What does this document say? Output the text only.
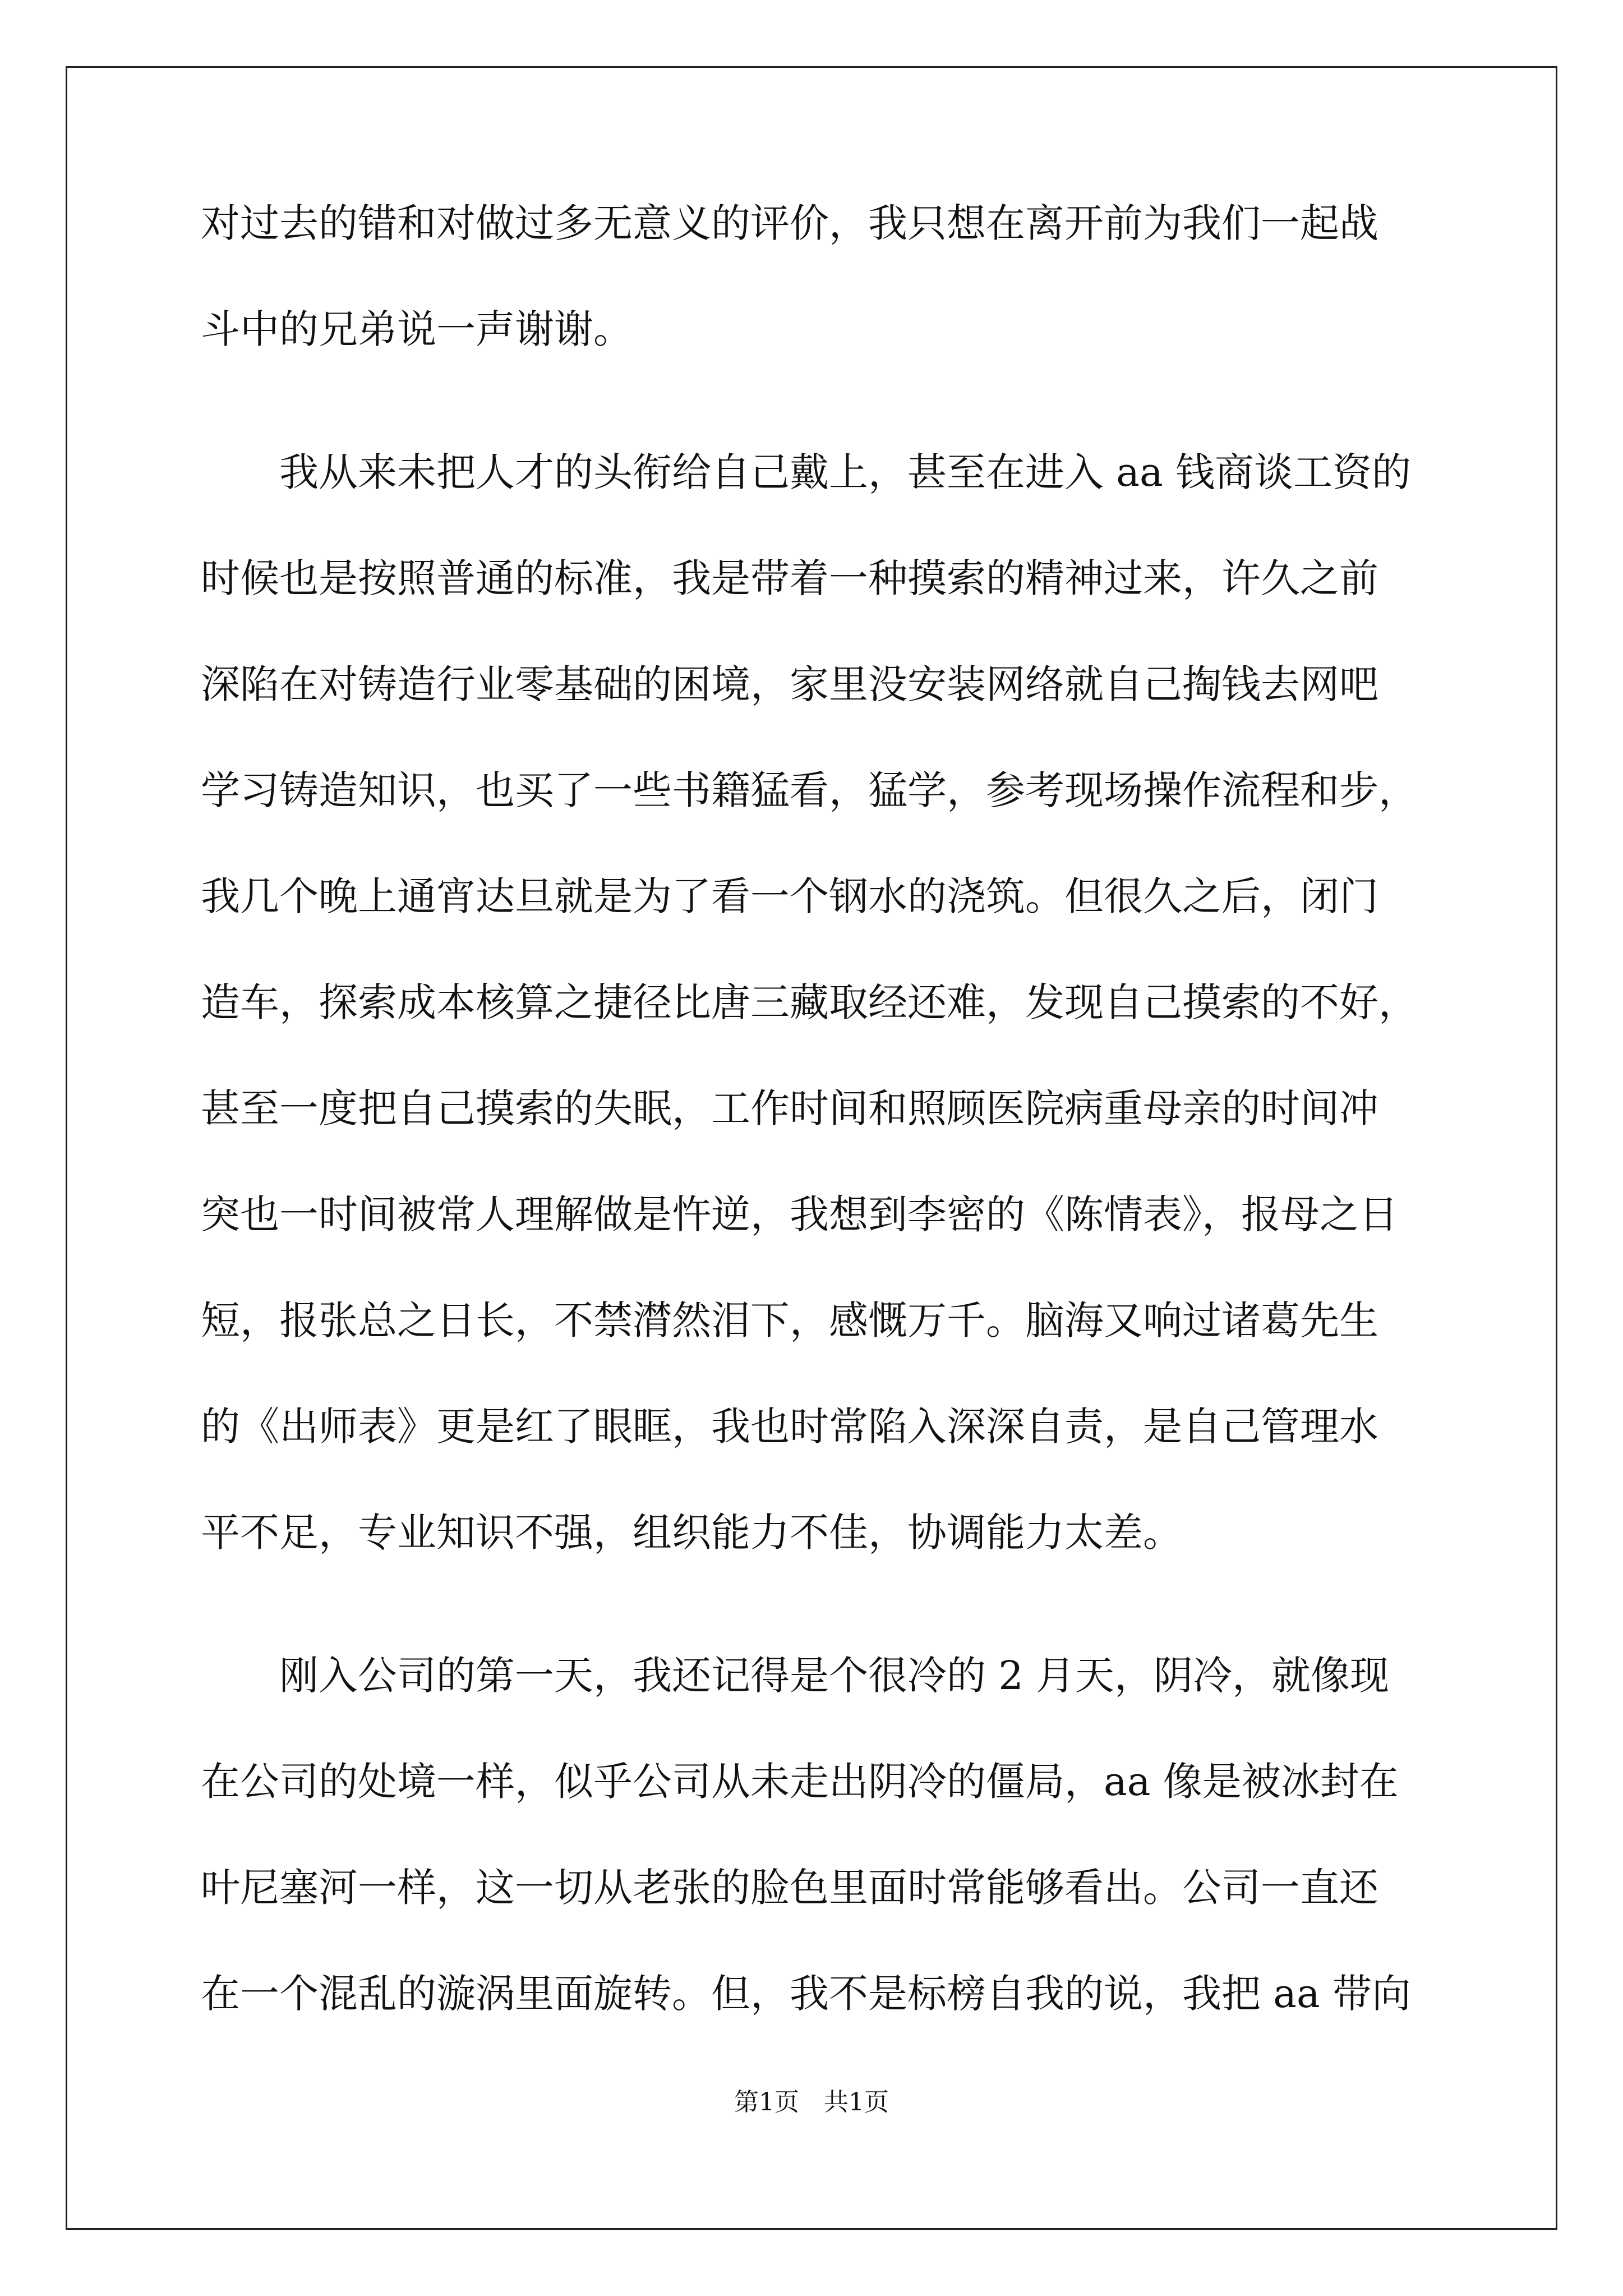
对过去的错和对做过多无意义的评价，我只想在离开前为我们一起战
斗中的兄弟说一声谢谢。
　　我从来未把人才的头衔给自己戴上，甚至在进入 aa 钱商谈工资的
时候也是按照普通的标准，我是带着一种摸索的精神过来，许久之前
深陷在对铸造行业零基础的困境，家里没安装网络就自己掏钱去网吧
学习铸造知识，也买了一些书籍猛看，猛学，参考现场操作流程和步，
我几个晚上通宵达旦就是为了看一个钢水的浇筑。但很久之后，闭门
造车，探索成本核算之捷径比唐三藏取经还难，发现自己摸索的不好，
甚至一度把自己摸索的失眠，工作时间和照顾医院病重母亲的时间冲
突也一时间被常人理解做是忤逆，我想到李密的《陈情表》，报母之日
短，报张总之日长，不禁潸然泪下，感慨万千。脑海又响过诸葛先生
的《出师表》更是红了眼眶，我也时常陷入深深自责，是自己管理水
平不足，专业知识不强，组织能力不佳，协调能力太差。
　　刚入公司的第一天，我还记得是个很冷的 2 月天，阴冷，就像现
在公司的处境一样，似乎公司从未走出阴冷的僵局，aa 像是被冰封在
叶尼塞河一样，这一切从老张的脸色里面时常能够看出。公司一直还
在一个混乱的漩涡里面旋转。但，我不是标榜自我的说，我把 aa 带向
第1页　共1页
